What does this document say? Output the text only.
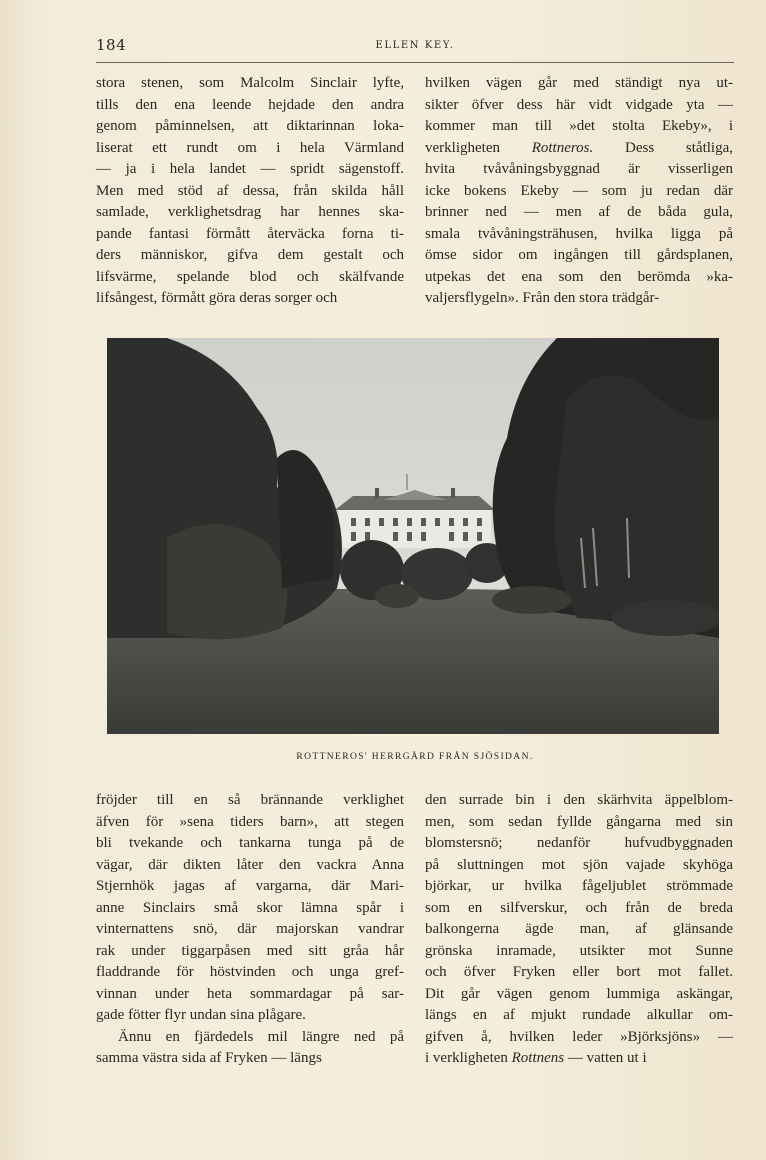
184	ELLEN KEY.
stora stenen, som Malcolm Sinclair lyfte,
tills den ena leende hejdade den andra
genom påminnelsen, att diktarinnan loka-
liserat ett rundt om i hela Värmland
— ja i hela landet — spridt sägenstoff.
Men med stöd af dessa, från skilda håll
samlade, verklighetsdrag har hennes ska-
pande fantasi förmått återväcka forna ti-
ders människor, gifva dem gestalt och
lifsvärme, spelande blod och skälfvande
lifsångest, förmått göra deras sorger och
hvilken vägen går med ständigt nya ut-
sikter öfver dess här vidt vidgade yta —
kommer man till »det stolta Ekeby», i
verkligheten Rottneros. Dess ståtliga,
hvita tvåvåningsbyggnad är visserligen
icke bokens Ekeby — som ju redan där
brinner ned — men af de båda gula,
smala tvåvåningsträhusen, hvilka ligga på
ömse sidor om ingången till gårdsplanen,
utpekas det ena som den berömda »ka-
valjersflygeln». Från den stora trädgår-
ROTTNEROS' HERRGÅRD FRÅN SJÖSIDAN.
fröjder till en så brännande verklighet
äfven för »sena tiders barn», att stegen
bli tvekande och tankarna tunga på de
vägar, där dikten låter den vackra Anna
Stjernhök jagas af vargarna, där Mari-
anne Sinclairs små skor lämna spår i
vinternattens snö, där majorskan vandrar
rak under tiggarpåsen med sitt gråa hår
fladdrande för höstvinden och unga gref-
vinnan under heta sommardagar på sar-
gade fötter flyr undan sina plågare.
Ännu en fjärdedels mil längre ned på
samma västra sida af Fryken — längs
den surrade bin i den skärhvita äppelblom-
men, som sedan fyllde gångarna med sin
blomstersnö; nedanför hufvudbyggnaden
på sluttningen mot sjön vajade skyhöga
björkar, ur hvilka fågeljublet strömmade
som en silfverskur, och från de breda
balkongerna ägde man, af glänsande
grönska inramade, utsikter mot Sunne
och öfver Fryken eller bort mot fallet.
Dit går vägen genom lummiga askängar,
längs en af mjukt rundade alkullar om-
gifven å, hvilken leder »Björksjöns» —
i verkligheten Rottnens — vatten ut i
